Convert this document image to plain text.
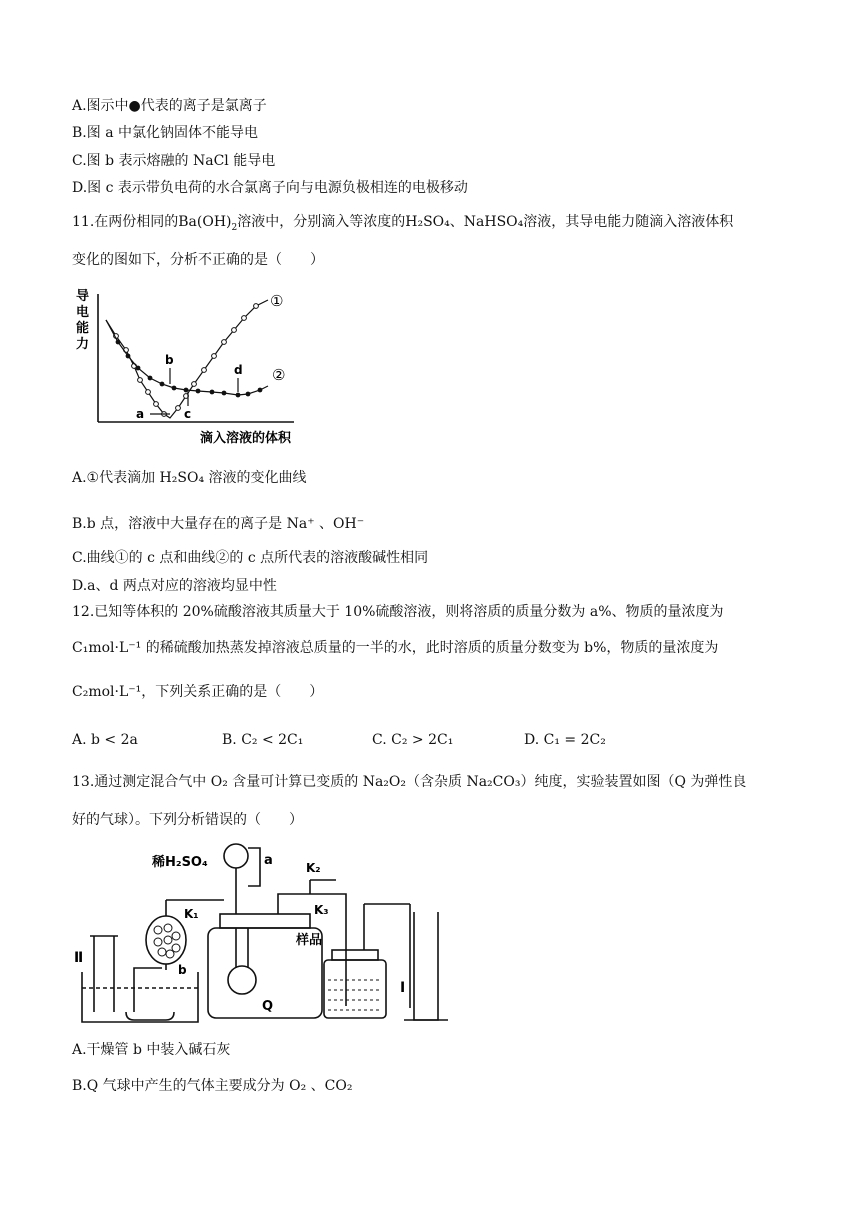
A.图示中●代表的离子是氯离子
B.图 a 中氯化钠固体不能导电
C.图 b 表示熔融的 NaCl 能导电
D.图 c 表示带负电荷的水合氯离子向与电源负极相连的电极移动
11.在两份相同的$Ba(OH)_2$溶液中，分别滴入等浓度的H₂SO₄、NaHSO₄溶液，其导电能力随滴入溶液体积
变化的图如下，分析不正确的是（　　）
导
电
能
力
滴入溶液的体积
a
b
c
d
①
②
A.①代表滴加 H₂SO₄ 溶液的变化曲线
B.b 点，溶液中大量存在的离子是 Na⁺ 、OH⁻
C.曲线①的 c 点和曲线②的 c 点所代表的溶液酸碱性相同
D.a、d 两点对应的溶液均显中性
12.已知等体积的 20%硫酸溶液其质量大于 10%硫酸溶液，则将溶质的质量分数为 a%、物质的量浓度为
C₁mol·L⁻¹ 的稀硫酸加热蒸发掉溶液总质量的一半的水，此时溶质的质量分数变为 b%，物质的量浓度为
C₂mol·L⁻¹，下列关系正确的是（　　）
A. b < 2a	B. C₂ < 2C₁	C. C₂ > 2C₁	D. C₁ = 2C₂
13.通过测定混合气中 O₂ 含量可计算已变质的 Na₂O₂（含杂质 Na₂CO₃）纯度，实验装置如图（Q 为弹性良
好的气球）。下列分析错误的（　　）
稀H₂SO₄	a	K₂
K₁	K₃
样品
b
Q
Ⅱ
Ⅰ
A.干燥管 b 中装入碱石灰
B.Q 气球中产生的气体主要成分为 O₂ 、CO₂
